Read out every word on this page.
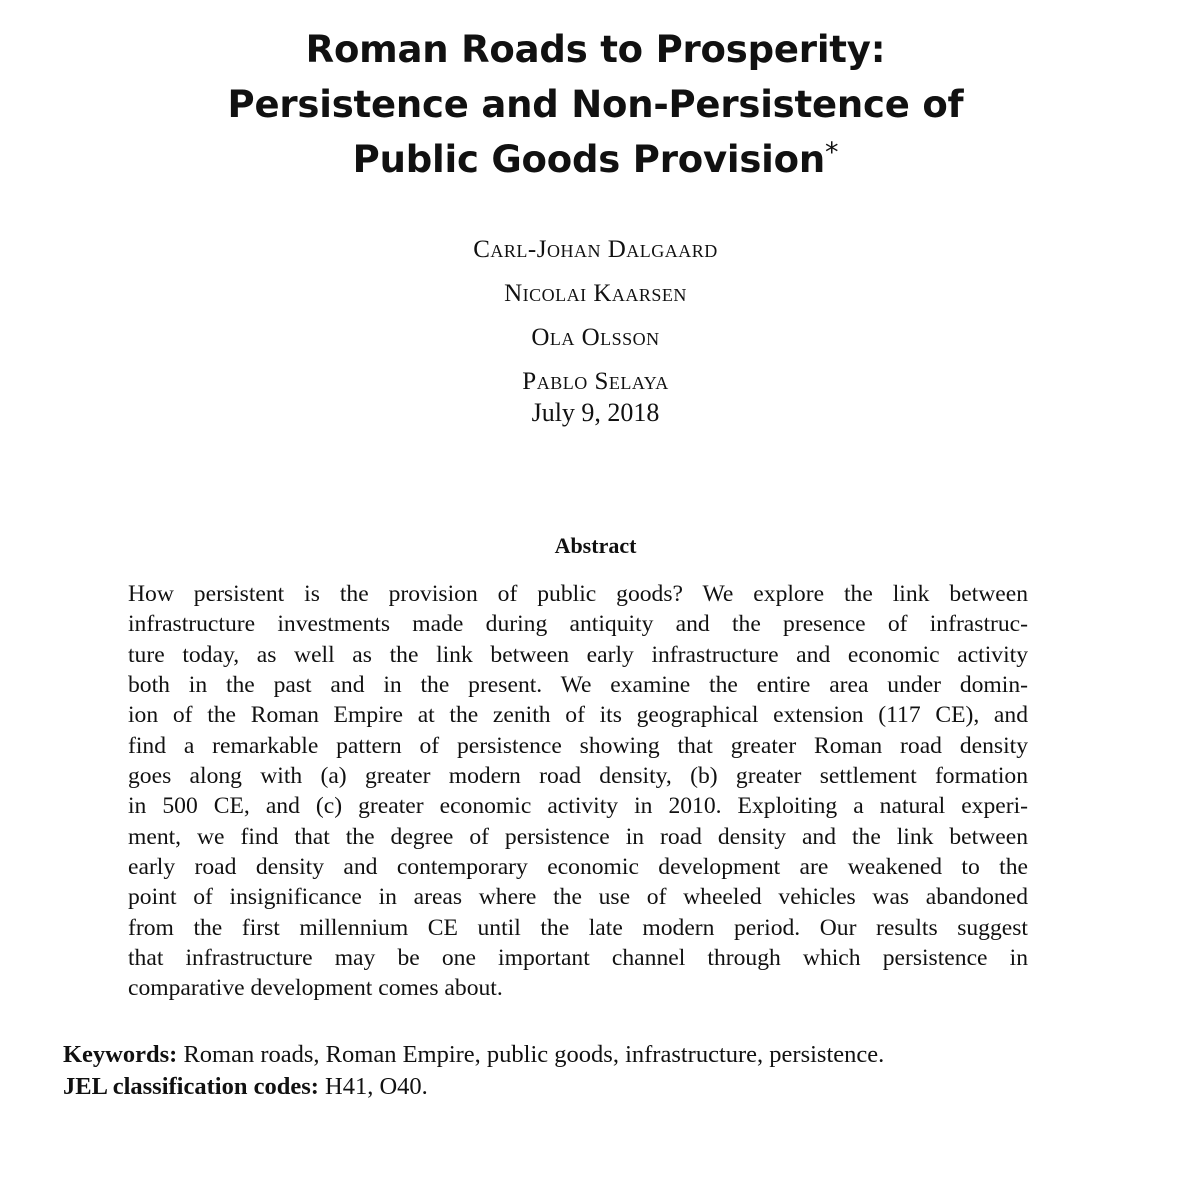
Roman Roads to Prosperity:
Persistence and Non-Persistence of
Public Goods Provision*
Carl-Johan Dalgaard
Nicolai Kaarsen
Ola Olsson
Pablo Selaya
July 9, 2018
Abstract
How persistent is the provision of public goods? We explore the link between
infrastructure investments made during antiquity and the presence of infrastruc-
ture today, as well as the link between early infrastructure and economic activity
both in the past and in the present. We examine the entire area under domin-
ion of the Roman Empire at the zenith of its geographical extension (117 CE), and
find a remarkable pattern of persistence showing that greater Roman road density
goes along with (a) greater modern road density, (b) greater settlement formation
in 500 CE, and (c) greater economic activity in 2010. Exploiting a natural experi-
ment, we find that the degree of persistence in road density and the link between
early road density and contemporary economic development are weakened to the
point of insignificance in areas where the use of wheeled vehicles was abandoned
from the first millennium CE until the late modern period. Our results suggest
that infrastructure may be one important channel through which persistence in
comparative development comes about.
Keywords: Roman roads, Roman Empire, public goods, infrastructure, persistence.
JEL classification codes: H41, O40.
